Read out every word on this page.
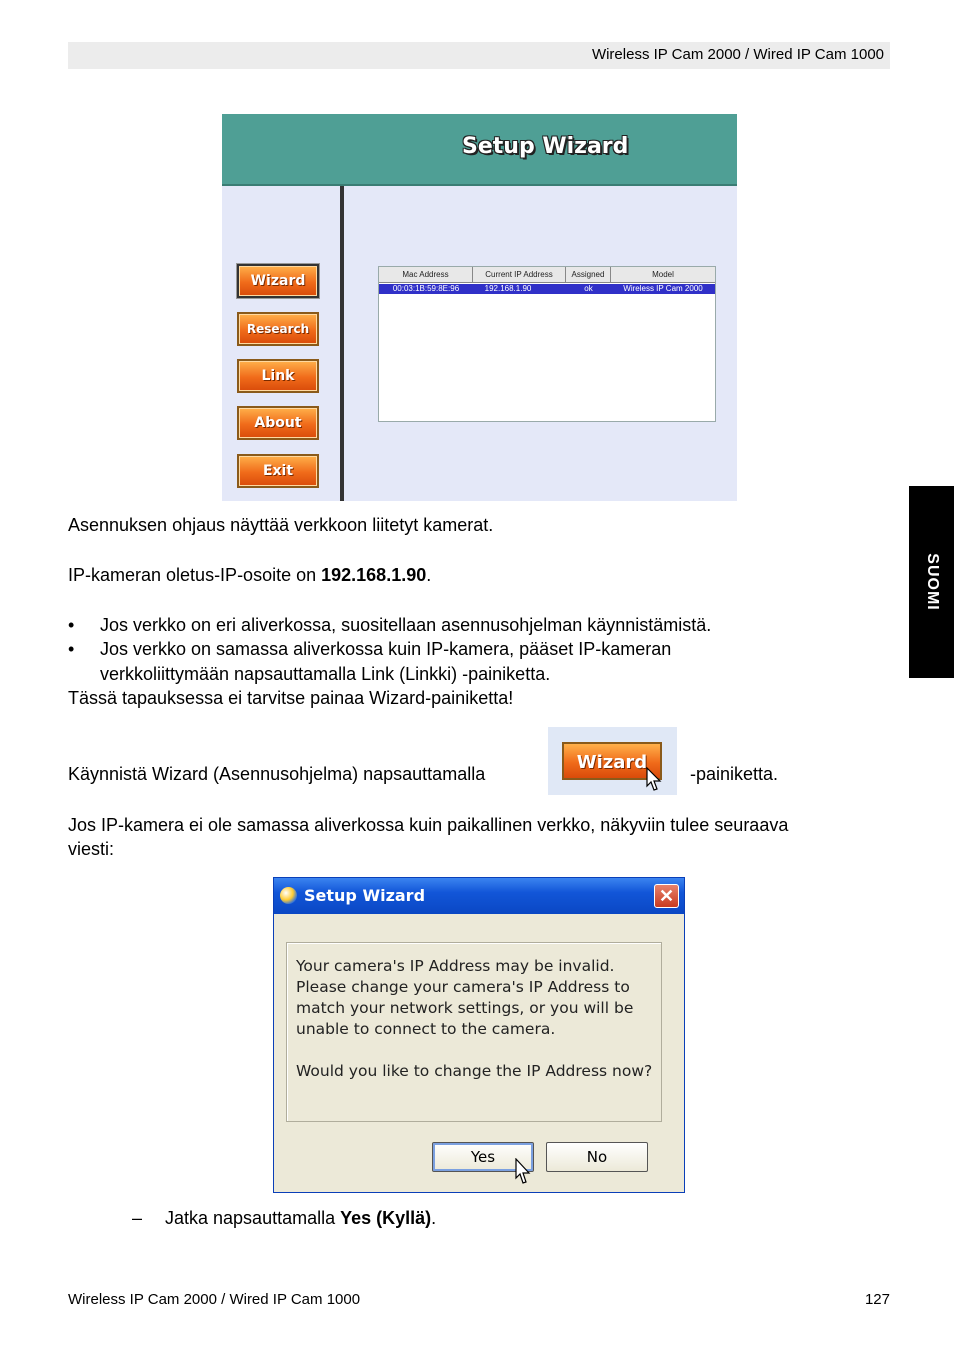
Wireless IP Cam 2000 / Wired IP Cam 1000
SUOMI
Setup Wizard
Wizard
Research
Link
About
Exit
Mac Address	Current IP Address	Assigned	Model
00:03:1B:59:8E:96	192.168.1.90	ok	Wireless IP Cam 2000

Asennuksen ohjaus näyttää verkkoon liitetyt kamerat.

IP-kameran oletus-IP-osoite on 192.168.1.90.

• Jos verkko on eri aliverkossa, suositellaan asennusohjelman käynnistämistä.

• Jos verkko on samassa aliverkossa kuin IP-kamera, pääset IP-kameran

verkkoliittymään napsauttamalla Link (Linkki) -painiketta.

Tässä tapauksessa ei tarvitse painaa Wizard-painiketta!

Käynnistä Wizard (Asennusohjelma) napsauttamalla

Wizard

-painiketta.

Jos IP-kamera ei ole samassa aliverkossa kuin paikallinen verkko, näkyviin tulee seuraava

viesti:

Setup Wizard	✕
Your camera's IP Address may be invalid.
Please change your camera's IP Address to
match your network settings, or you will be
unable to connect to the camera.
Would you like to change the IP Address now?
Yes	No
– Jatka napsauttamalla Yes (Kyllä).

Wireless IP Cam 2000 / Wired IP Cam 1000	127
